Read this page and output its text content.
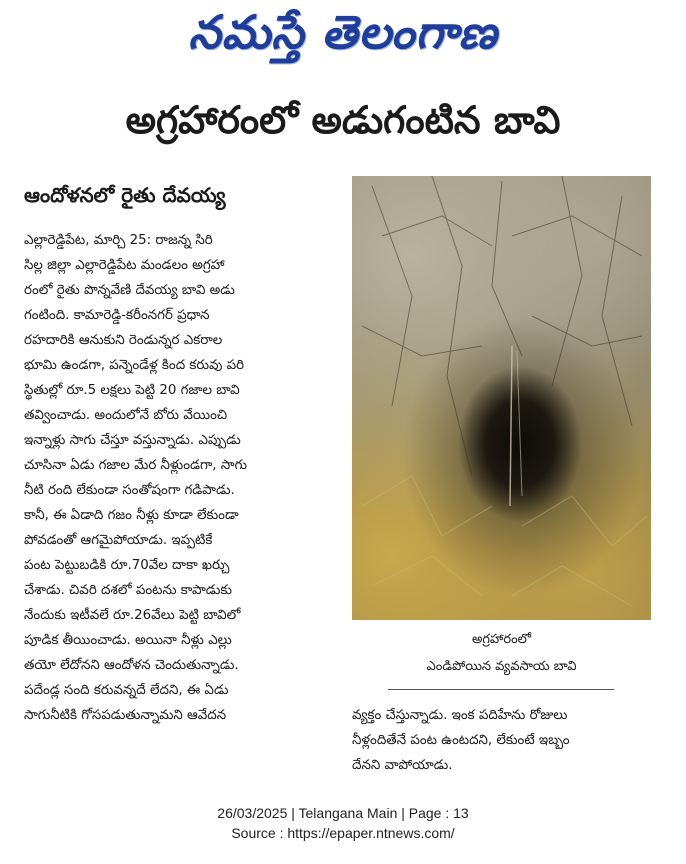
నమస్తే తెలంగాణ
అగ్రహారంలో అడుగంటిన బావి
ఆందోళనలో రైతు దేవయ్య
ఎల్లారెడ్డిపేట, మార్చి 25: రాజన్న సిరి
సిల్ల జిల్లా ఎల్లారెడ్డిపేట మండలం అగ్రహా
రంలో రైతు పొన్నవేణి దేవయ్య బావి అడు
గంటింది. కామారెడ్డి-కరీంనగర్ ప్రధాన
రహదారికి ఆనుకుని రెండున్నర ఎకరాల
భూమి ఉండగా, పన్నెండేళ్ల కింద కరువు పరి
స్థితుల్లో రూ.5 లక్షలు పెట్టి 20 గజాల బావి
తవ్వించాడు. అందులోనే బోరు వేయించి
ఇన్నాళ్లు సాగు చేస్తూ వస్తున్నాడు. ఎప్పుడు
చూసినా ఏడు గజాల మేర నీళ్లుండగా, సాగు
నీటి రంది లేకుండా సంతోషంగా గడిపాడు.
కానీ, ఈ ఏడాది గజం నీళ్లు కూడా లేకుండా
పోవడంతో ఆగమైపోయాడు. ఇప్పటికే
పంట పెట్టుబడికి రూ.70వేల దాకా ఖర్చు
చేశాడు. చివరి దశలో పంటను కాపాడుకు
నేందుకు ఇటీవలే రూ.26వేలు పెట్టి బావిలో
పూడిక తీయించాడు. అయినా నీళ్లు ఎల్లు
తయో లేదోనని ఆందోళన చెందుతున్నాడు.
పదేండ్ల సంది కరువన్నదే లేదని, ఈ ఏడు
సాగునీటికి గోసపడుతున్నామని ఆవేదన
అగ్రహారంలో
ఎండిపోయిన వ్యవసాయ బావి
వ్యక్తం చేస్తున్నాడు. ఇంక పదిహేను రోజులు
నీళ్లందితేనే పంట ఉంటదని, లేకుంటే ఇబ్బం
దేనని వాపోయాడు.
26/03/2025 | Telangana Main | Page : 13
Source : https://epaper.ntnews.com/
